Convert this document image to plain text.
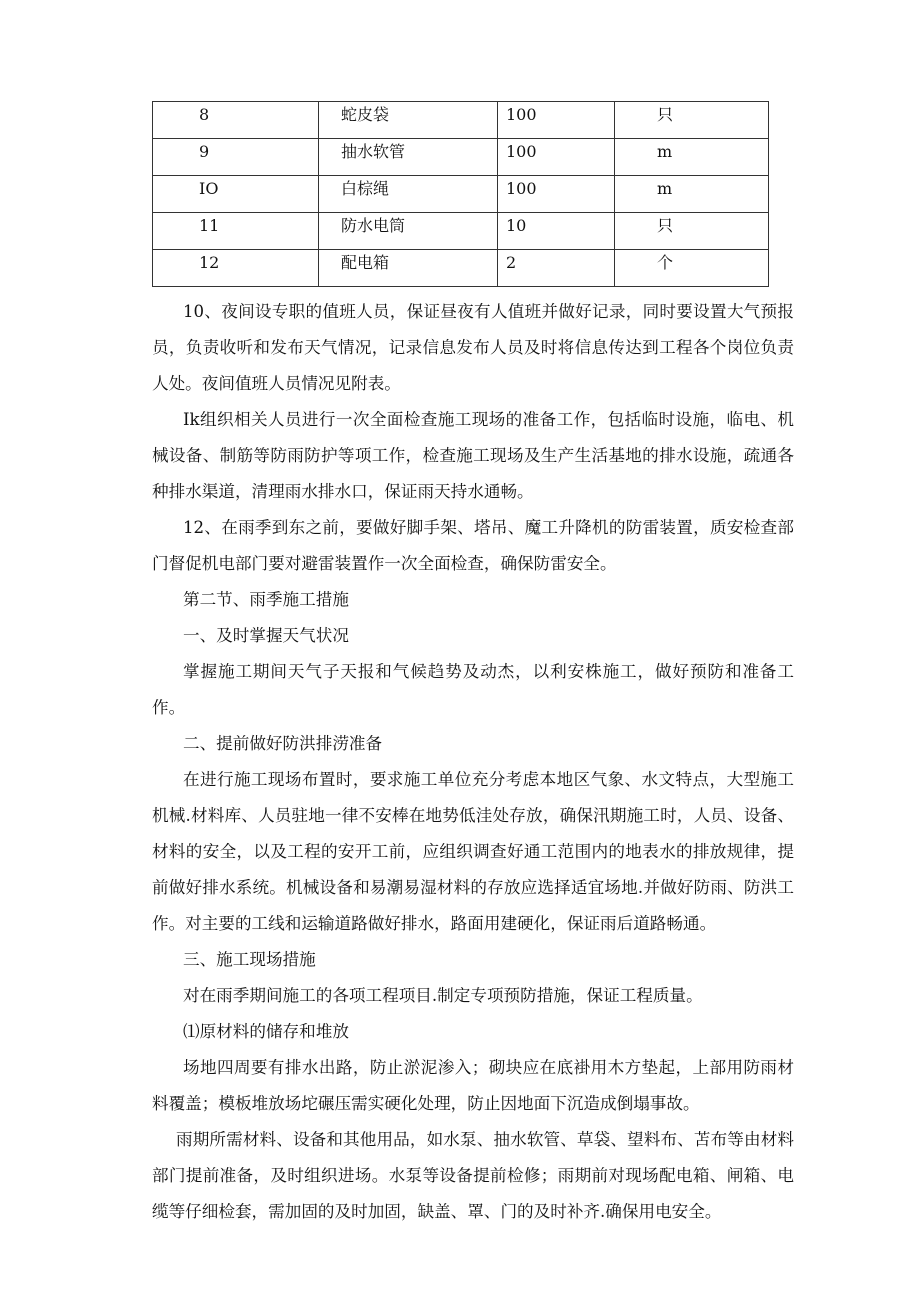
8	蛇皮袋	100	只

9	抽水软管	100	m

IO	白棕绳	100	m

11	防水电筒	10	只

12	配电箱	2	个

10、夜间设专职的值班人员，保证昼夜有人值班并做好记录，同时要设置大气预报员，负责收听和发布天气情况，记录信息发布人员及时将信息传达到工程各个岗位负责人处。夜间值班人员情况见附表。

Ik组织相关人员进行一次全面检查施工现场的准备工作，包括临时设施，临电、机械设备、制筋等防雨防护等项工作，检查施工现场及生产生活基地的排水设施，疏通各种排水渠道，清理雨水排水口，保证雨天持水通畅。

12、在雨季到东之前，要做好脚手架、塔吊、魔工升降机的防雷装置，质安检查部门督促机电部门要对避雷装置作一次全面检查，确保防雷安全。

第二节、雨季施工措施

一、及时掌握天气状况

掌握施工期间天气子天报和气候趋势及动杰，以利安株施工，做好预防和准备工作。

二、提前做好防洪排涝准备

在进行施工现场布置时，要求施工单位充分考虑本地区气象、水文特点，大型施工机械.材料库、人员驻地一律不安棒在地势低洼处存放，确保汛期施工时，人员、设备、材料的安全，以及工程的安开工前，应组织调查好通工范围内的地表水的排放规律，提前做好排水系统。机械设备和易潮易湿材料的存放应选择适宜场地.并做好防雨、防洪工作。对主要的工线和运输道路做好排水，路面用建硬化，保证雨后道路畅通。

三、施工现场措施

对在雨季期间施工的各项工程项目.制定专项预防措施，保证工程质量。

⑴原材料的储存和堆放

场地四周要有排水出路，防止淤泥渗入；砌块应在底褂用木方垫起，上部用防雨材料覆盖；模板堆放场坨碾压需实硬化处理，防止因地面下沉造成倒塌事故。

雨期所需材料、设备和其他用品，如水泵、抽水软管、草袋、望料布、苫布等由材料部门提前准备，及时组织进场。水泵等设备提前检修；雨期前对现场配电箱、闸箱、电缆等仔细检套，需加固的及时加固，缺盖、罩、门的及时补齐.确保用电安全。
